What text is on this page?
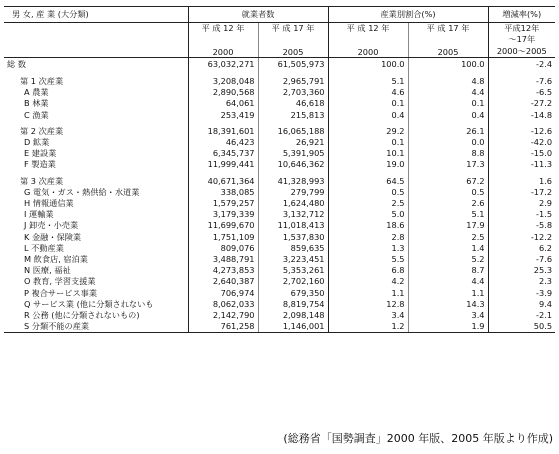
男 女, 産 業 (大分類)	就業者数		産業別割合(%)		増減率(%)
	平 成 12 年	平 成 17 年	平 成 12 年	平 成 17 年	平成12年
～17年
	2000	2005	2000	2005	2000～2005
総 数	63,032,271	61,505,973	100.0	100.0	-2.4

第 1 次産業	3,208,048	2,965,791	5.1	4.8	-7.6
A 農業	2,890,568	2,703,360	4.6	4.4	-6.5
B 林業	64,061	46,618	0.1	0.1	-27.2
C 漁業	253,419	215,813	0.4	0.4	-14.8

第 2 次産業	18,391,601	16,065,188	29.2	26.1	-12.6
D 鉱業	46,423	26,921	0.1	0.0	-42.0
E 建設業	6,345,737	5,391,905	10.1	8.8	-15.0
F 製造業	11,999,441	10,646,362	19.0	17.3	-11.3

第 3 次産業	40,671,364	41,328,993	64.5	67.2	1.6
G 電気・ガス・熱供給・水道業	338,085	279,799	0.5	0.5	-17.2
H 情報通信業	1,579,257	1,624,480	2.5	2.6	2.9
I 運輸業	3,179,339	3,132,712	5.0	5.1	-1.5
J 卸売・小売業	11,699,670	11,018,413	18.6	17.9	-5.8
K 金融・保険業	1,751,109	1,537,830	2.8	2.5	-12.2
L 不動産業	809,076	859,635	1.3	1.4	6.2
M 飲食店, 宿泊業	3,488,791	3,223,451	5.5	5.2	-7.6
N 医療, 福祉	4,273,853	5,353,261	6.8	8.7	25.3
O 教育, 学習支援業	2,640,387	2,702,160	4.2	4.4	2.3
P 複合サービス事業	706,974	679,350	1.1	1.1	-3.9
Q サービス業 (他に分類されないも	8,062,033	8,819,754	12.8	14.3	9.4
R 公務 (他に分類されないもの)	2,142,790	2,098,148	3.4	3.4	-2.1
S 分類不能の産業	761,258	1,146,001	1.2	1.9	50.5
(総務省「国勢調査」2000 年版、2005 年版より作成)
